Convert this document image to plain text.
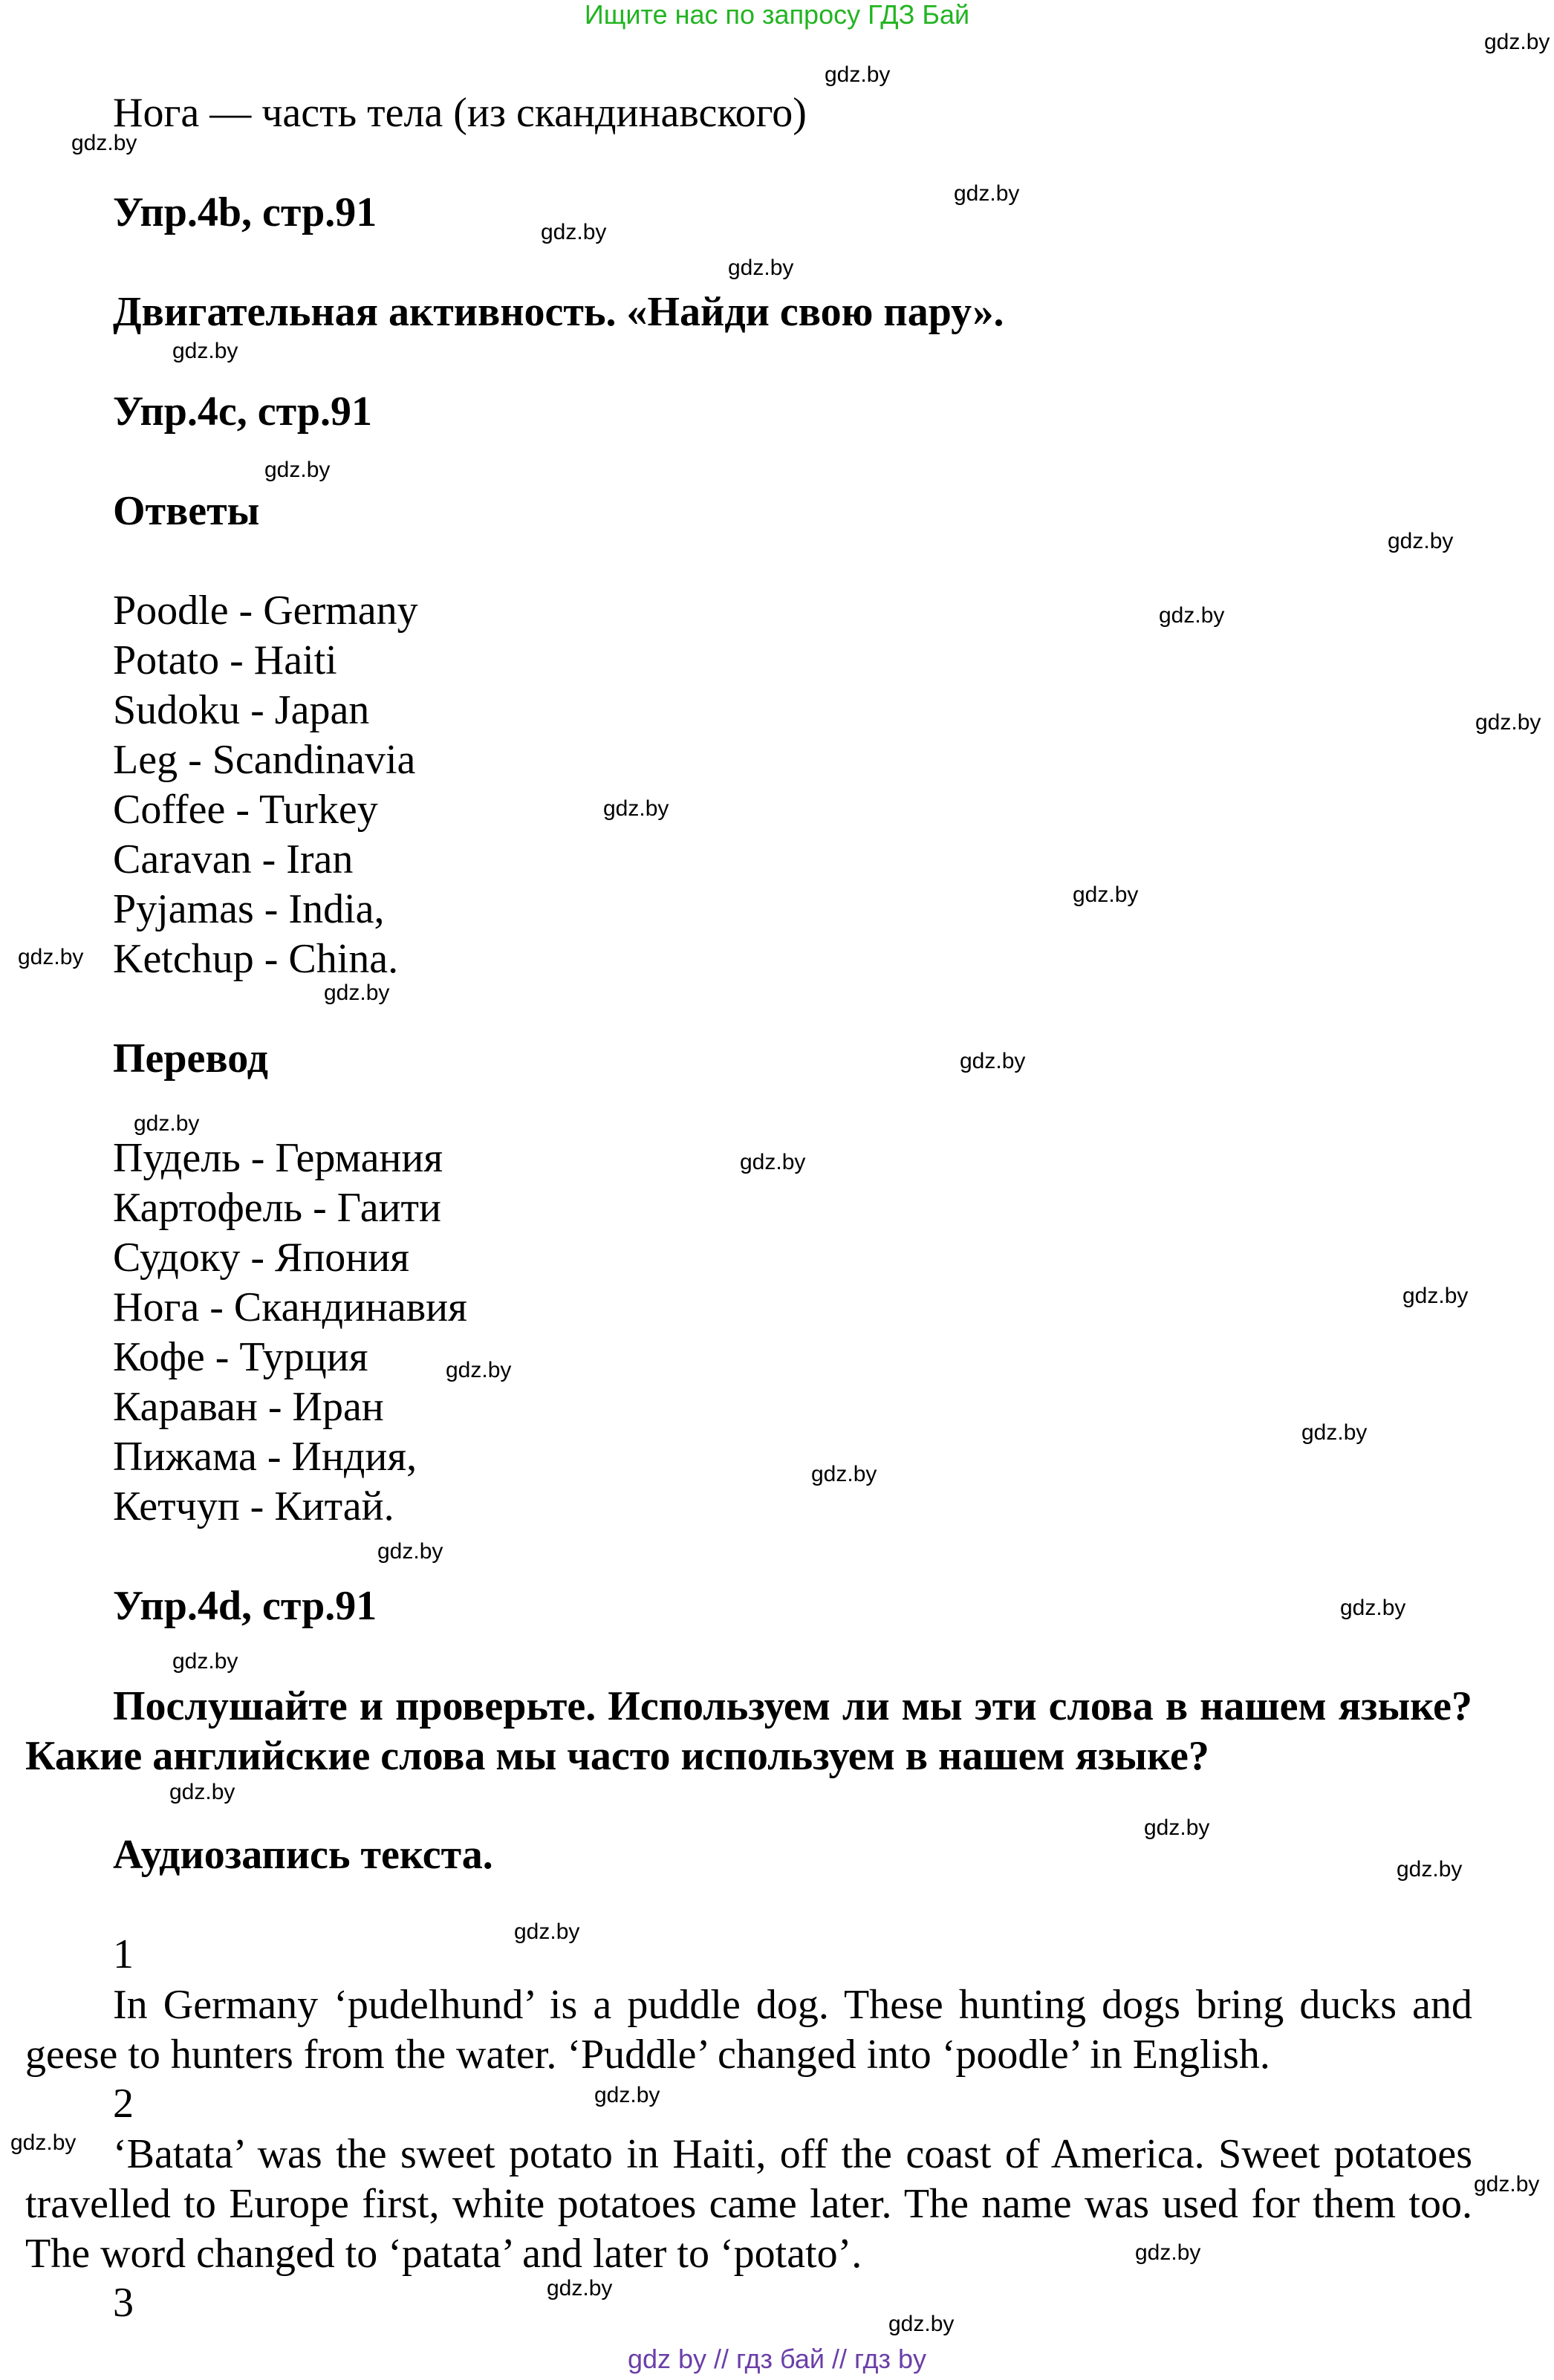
Ищите нас по запросу ГДЗ Бай
Нога — часть тела (из скандинавского)
Упр.4b, стр.91
Двигательная активность. «Найди свою пару».
Упр.4c, стр.91
Ответы
Poodle - Germany
Potato - Haiti
Sudoku - Japan
Leg - Scandinavia
Coffee - Turkey
Caravan - Iran
Pyjamas - India,
Ketchup - China.
Перевод
Пудель - Германия
Картофель - Гаити
Судоку - Япония
Нога - Скандинавия
Кофе - Турция
Караван - Иран
Пижама - Индия,
Кетчуп - Китай.
Упр.4d, стр.91
Послушайте и проверьте. Используем ли мы эти слова в нашем языке? Какие английские слова мы часто используем в нашем языке?
Аудиозапись текста.
1
In Germany ‘pudelhund’ is a puddle dog. These hunting dogs bring ducks and geese to hunters from the water. ‘Puddle’ changed into ‘poodle’ in English.
2
‘Batata’ was the sweet potato in Haiti, off the coast of America. Sweet potatoes travelled to Europe first, white potatoes came later. The name was used for them too. The word changed to ‘patata’ and later to ‘potato’.
3
gdz.by
gdz.by
gdz.by
gdz.by
gdz.by
gdz.by
gdz.by
gdz.by
gdz.by
gdz.by
gdz.by
gdz.by
gdz.by
gdz.by
gdz.by
gdz.by
gdz.by
gdz.by
gdz.by
gdz.by
gdz.by
gdz.by
gdz.by
gdz.by
gdz.by
gdz.by
gdz.by
gdz.by
gdz.by
gdz.by
gdz.by
gdz.by
gdz.by
gdz.by
gdz.by
gdz by // гдз бай // гдз by
